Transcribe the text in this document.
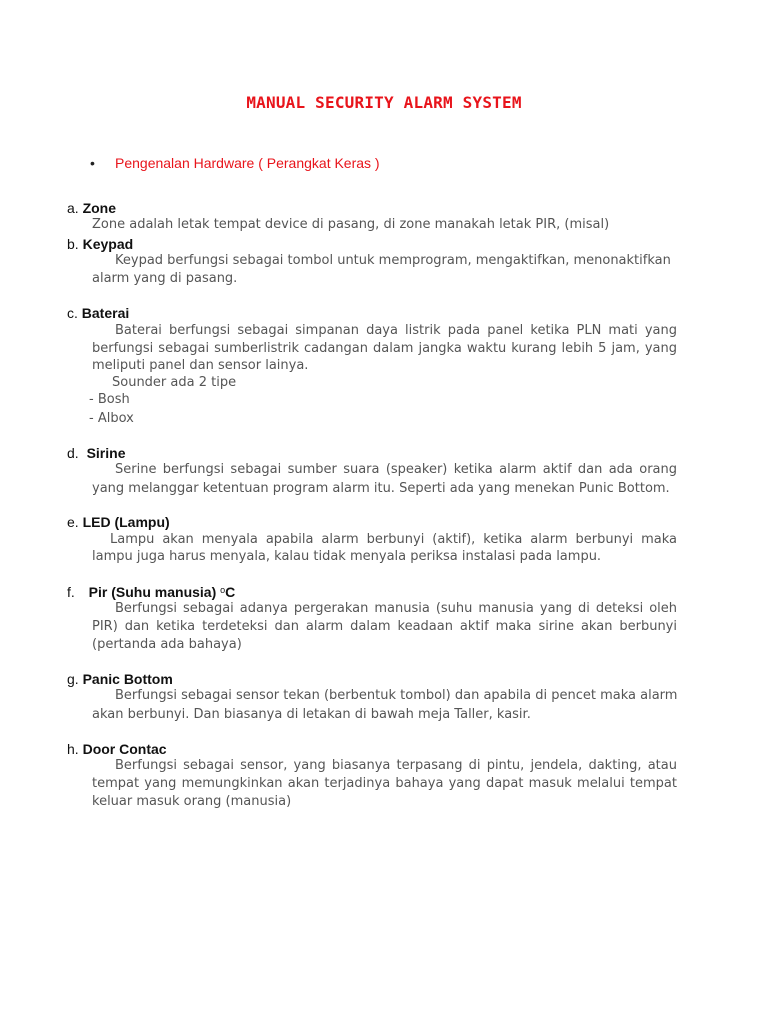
MANUAL SECURITY ALARM SYSTEM
• Pengenalan Hardware ( Perangkat Keras )
a. Zone
Zone adalah letak tempat device di pasang, di zone manakah letak PIR, (misal)
b. Keypad
Keypad berfungsi sebagai tombol untuk memprogram, mengaktifkan, menonaktifkan
alarm yang di pasang.
c. Baterai
Baterai berfungsi sebagai simpanan daya listrik pada panel ketika PLN mati yang
berfungsi sebagai sumberlistrik cadangan dalam jangka waktu kurang lebih 5 jam, yang
meliputi panel dan sensor lainya.
Sounder ada 2 tipe
- Bosh
- Albox
d. Sirine
Serine berfungsi sebagai sumber suara (speaker) ketika alarm aktif dan ada orang
yang melanggar ketentuan program alarm itu. Seperti ada yang menekan Punic Bottom.
e. LED (Lampu)
Lampu akan menyala apabila alarm berbunyi (aktif), ketika alarm berbunyi maka
lampu juga harus menyala, kalau tidak menyala periksa instalasi pada lampu.
f. Pir (Suhu manusia) $^o$C
Berfungsi sebagai adanya pergerakan manusia (suhu manusia yang di deteksi oleh
PIR) dan ketika terdeteksi dan alarm dalam keadaan aktif maka sirine akan berbunyi
(pertanda ada bahaya)
g. Panic Bottom
Berfungsi sebagai sensor tekan (berbentuk tombol) dan apabila di pencet maka alarm
akan berbunyi. Dan biasanya di letakan di bawah meja Taller, kasir.
h. Door Contac
Berfungsi sebagai sensor, yang biasanya terpasang di pintu, jendela, dakting, atau
tempat yang memungkinkan akan terjadinya bahaya yang dapat masuk melalui tempat
keluar masuk orang (manusia)
